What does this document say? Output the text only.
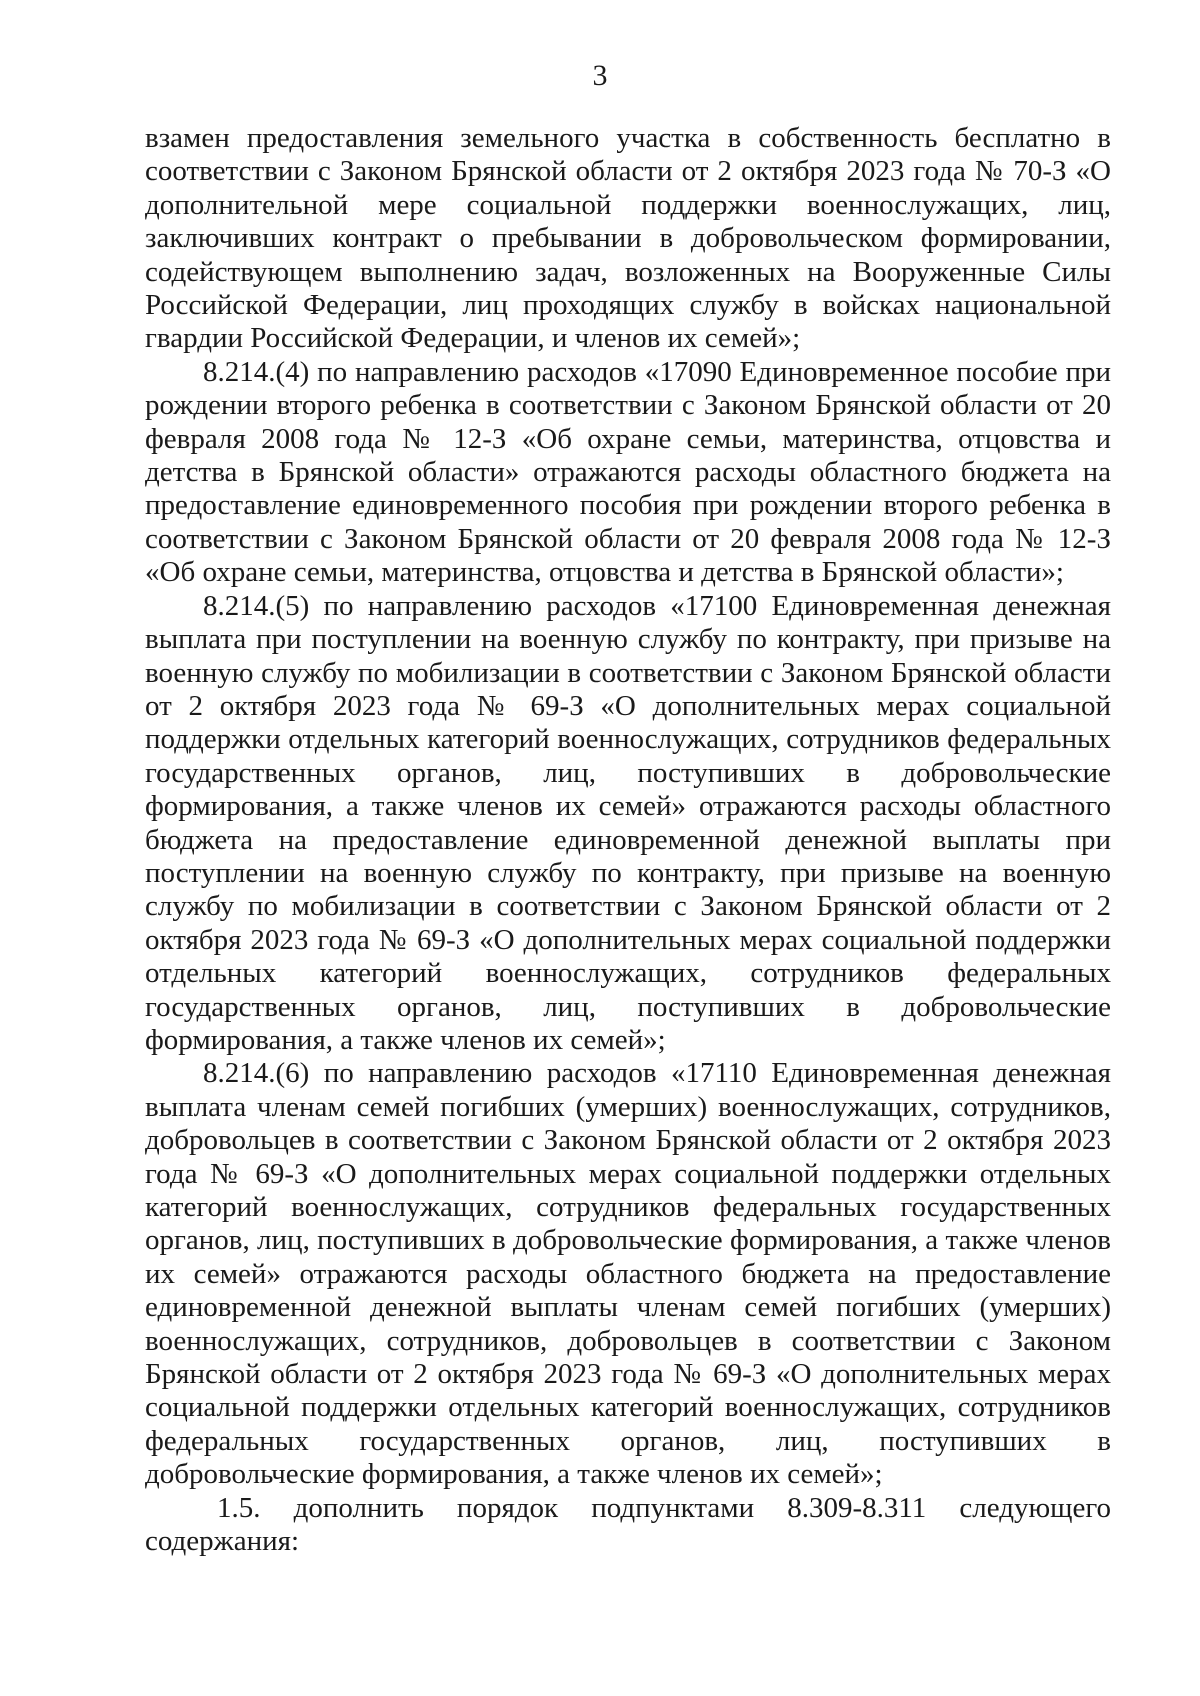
3

взамен предоставления земельного участка в собственность бесплатно в соответствии с Законом Брянской области от 2 октября 2023 года № 70-З «О дополнительной мере социальной поддержки военнослужащих, лиц, заключивших контракт о пребывании в добровольческом формировании, содействующем выполнению задач, возложенных на Вооруженные Силы Российской Федерации, лиц проходящих службу в войсках национальной гвардии Российской Федерации, и членов их семей»;

8.214.(4) по направлению расходов «17090 Единовременное пособие при рождении второго ребенка в соответствии с Законом Брянской области от 20 февраля 2008 года № 12-З «Об охране семьи, материнства, отцовства и детства в Брянской области» отражаются расходы областного бюджета на предоставление единовременного пособия при рождении второго ребенка в соответствии с Законом Брянской области от 20 февраля 2008 года № 12-З «Об охране семьи, материнства, отцовства и детства в Брянской области»;

8.214.(5) по направлению расходов «17100 Единовременная денежная выплата при поступлении на военную службу по контракту, при призыве на военную службу по мобилизации в соответствии с Законом Брянской области от 2 октября 2023 года № 69-З «О дополнительных мерах социальной поддержки отдельных категорий военнослужащих, сотрудников федеральных государственных органов, лиц, поступивших в добровольческие формирования, а также членов их семей» отражаются расходы областного бюджета на предоставление единовременной денежной выплаты при поступлении на военную службу по контракту, при призыве на военную службу по мобилизации в соответствии с Законом Брянской области от 2 октября 2023 года № 69-З «О дополнительных мерах социальной поддержки отдельных категорий военнослужащих, сотрудников федеральных государственных органов, лиц, поступивших в добровольческие формирования, а также членов их семей»;

8.214.(6) по направлению расходов «17110 Единовременная денежная выплата членам семей погибших (умерших) военнослужащих, сотрудников, добровольцев в соответствии с Законом Брянской области от 2 октября 2023 года № 69-З «О дополнительных мерах социальной поддержки отдельных категорий военнослужащих, сотрудников федеральных государственных органов, лиц, поступивших в добровольческие формирования, а также членов их семей» отражаются расходы областного бюджета на предоставление единовременной денежной выплаты членам семей погибших (умерших) военнослужащих, сотрудников, добровольцев в соответствии с Законом Брянской области от 2 октября 2023 года № 69-З «О дополнительных мерах социальной поддержки отдельных категорий военнослужащих, сотрудников федеральных государственных органов, лиц, поступивших в добровольческие формирования, а также членов их семей»;

1.5. дополнить порядок подпунктами 8.309-8.311 следующего содержания:
